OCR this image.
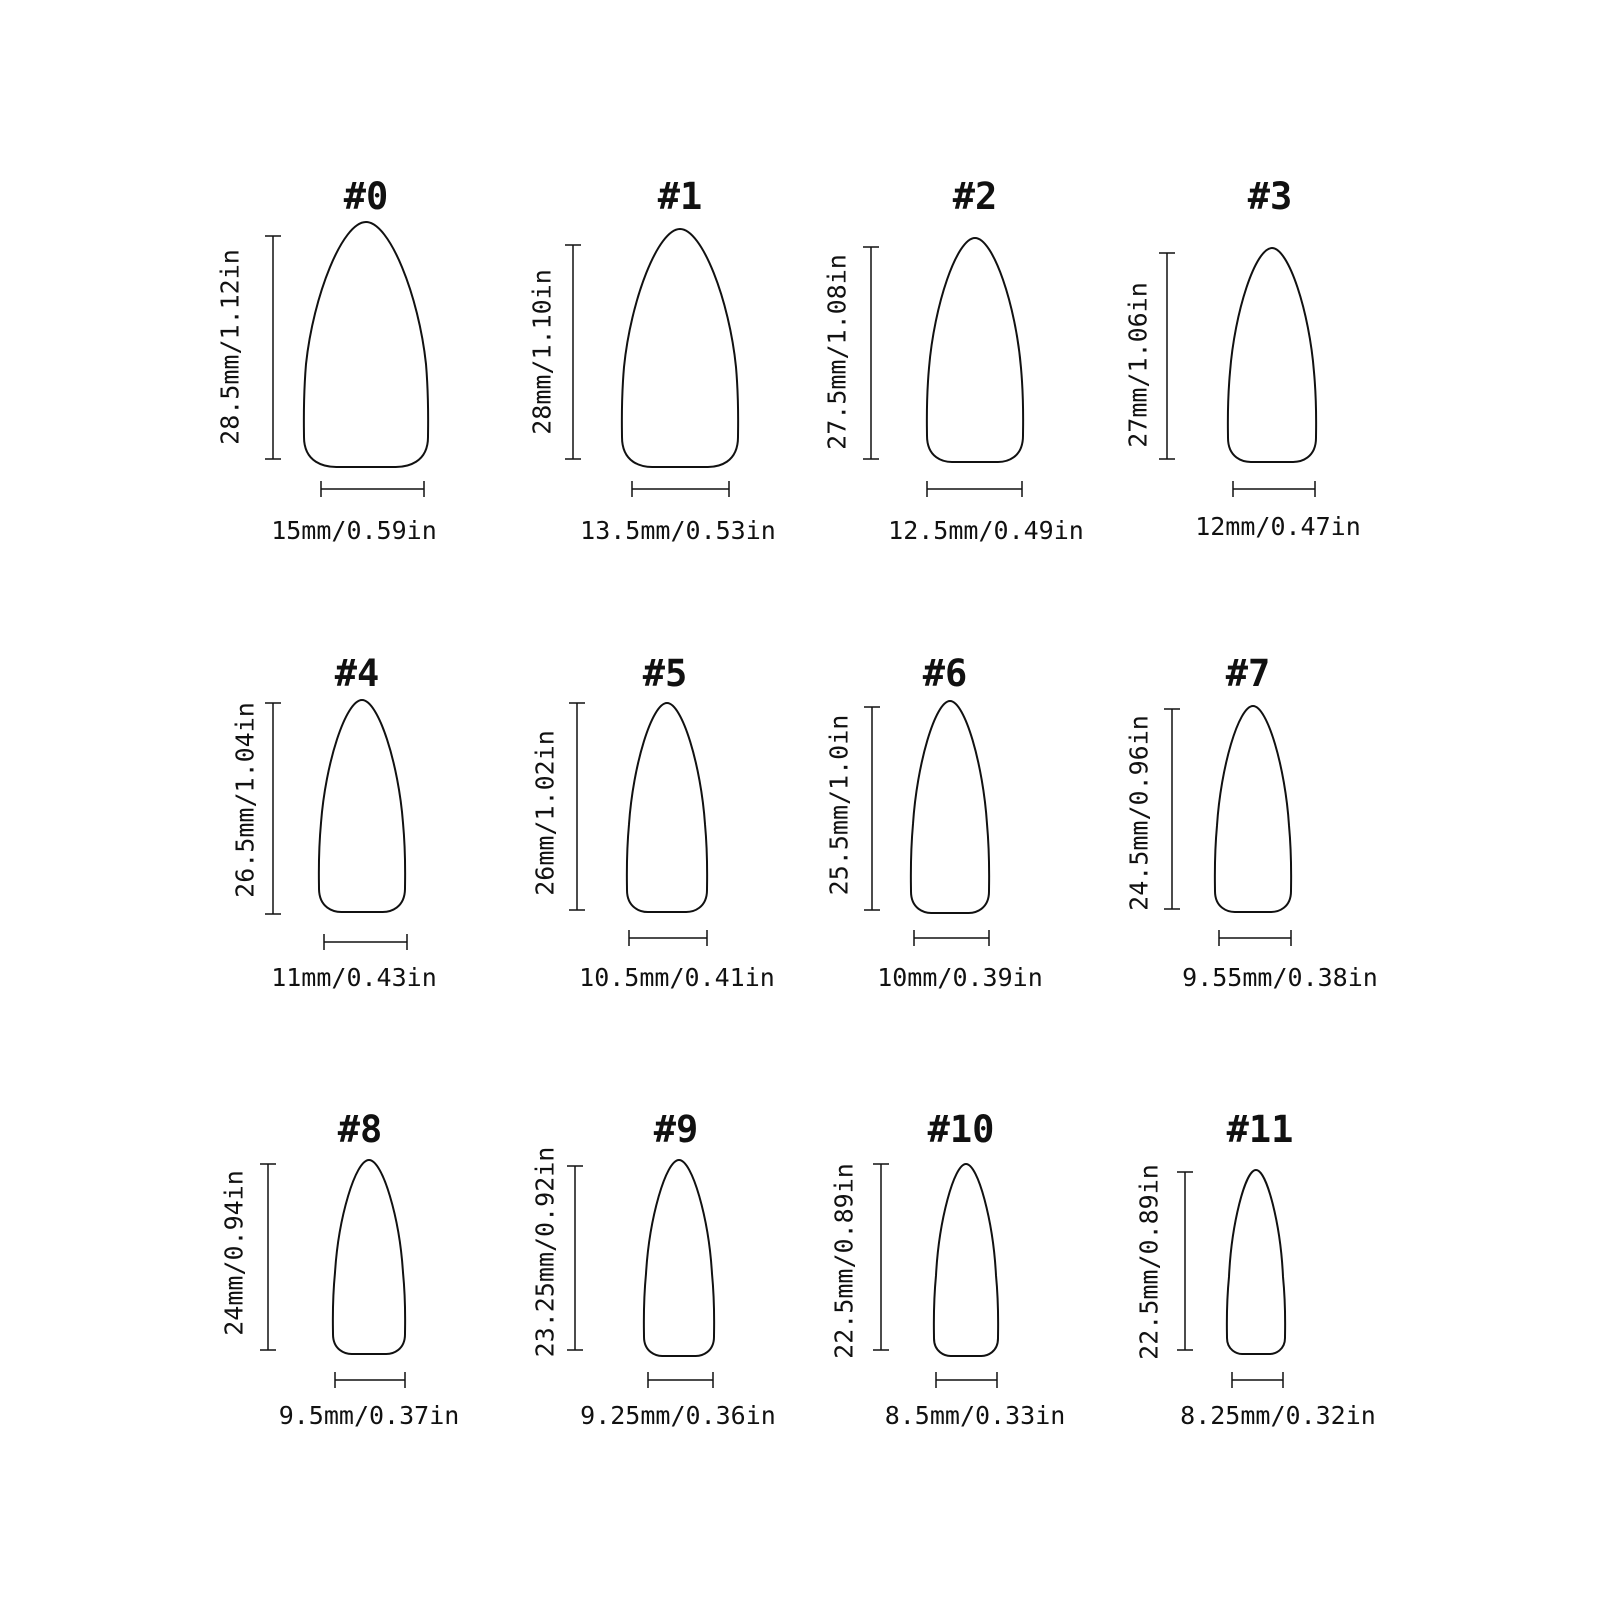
#0
28.5mm/1.12in
15mm/0.59in
#1
28mm/1.10in
13.5mm/0.53in
#2
27.5mm/1.08in
12.5mm/0.49in
#3
27mm/1.06in
12mm/0.47in
#4
26.5mm/1.04in
11mm/0.43in
#5
26mm/1.02in
10.5mm/0.41in
#6
25.5mm/1.0in
10mm/0.39in
#7
24.5mm/0.96in
9.55mm/0.38in
#8
24mm/0.94in
9.5mm/0.37in
#9
23.25mm/0.92in
9.25mm/0.36in
#10
22.5mm/0.89in
8.5mm/0.33in
#11
22.5mm/0.89in
8.25mm/0.32in
